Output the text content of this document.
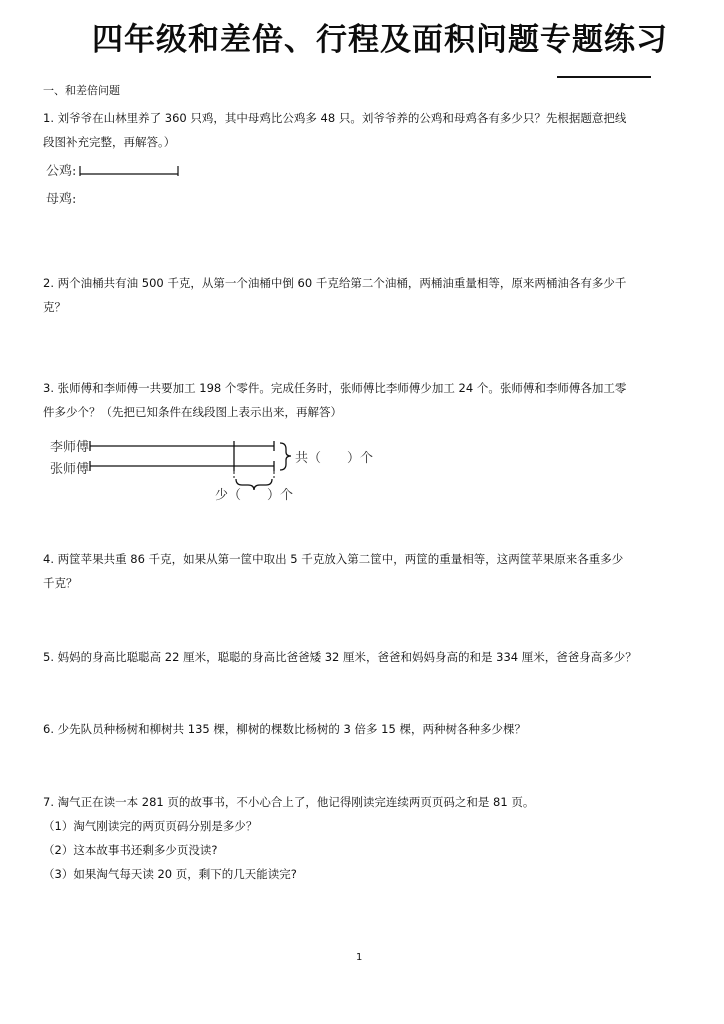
四年级和差倍、行程及面积问题专题练习
一、和差倍问题

1. 刘爷爷在山林里养了 360 只鸡，其中母鸡比公鸡多 48 只。刘爷爷养的公鸡和母鸡各有多少只？先根据题意把线

段图补充完整，再解答。）

公鸡:
母鸡:

2. 两个油桶共有油 500 千克，从第一个油桶中倒 60 千克给第二个油桶，两桶油重量相等，原来两桶油各有多少千

克？

3. 张师傅和李师傅一共要加工 198 个零件。完成任务时，张师傅比李师傅少加工 24 个。张师傅和李师傅各加工零

件多少个？（先把已知条件在线段图上表示出来，再解答）

李师傅
张师傅
共（　　）个
少（　　）个

4. 两筐苹果共重 86 千克，如果从第一筐中取出 5 千克放入第二筐中，两筐的重量相等，这两筐苹果原来各重多少

千克？

5. 妈妈的身高比聪聪高 22 厘米，聪聪的身高比爸爸矮 32 厘米，爸爸和妈妈身高的和是 334 厘米，爸爸身高多少？

6. 少先队员种杨树和柳树共 135 棵，柳树的棵数比杨树的 3 倍多 15 棵，两种树各种多少棵？

7. 淘气正在读一本 281 页的故事书，不小心合上了，他记得刚读完连续两页页码之和是 81 页。

（1）淘气刚读完的两页页码分别是多少？

（2）这本故事书还剩多少页没读?

（3）如果淘气每天读 20 页，剩下的几天能读完?

1
